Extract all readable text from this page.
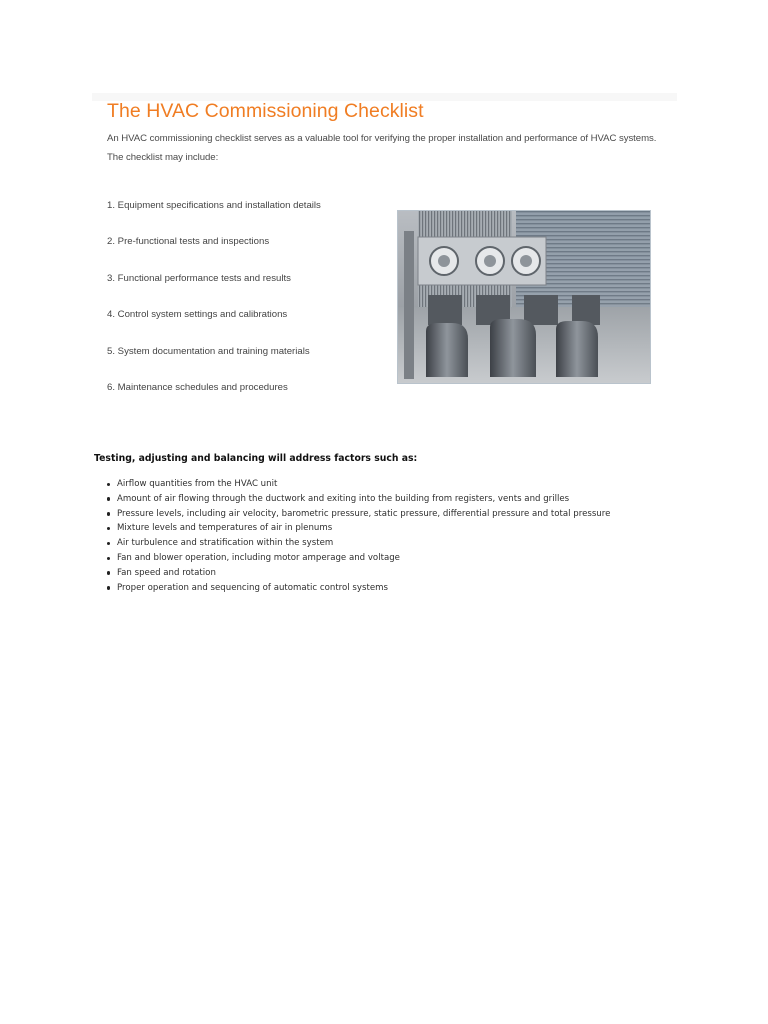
The HVAC Commissioning Checklist
An HVAC commissioning checklist serves as a valuable tool for verifying the proper installation and performance of HVAC systems.
The checklist may include:
1. Equipment specifications and installation details
2. Pre-functional tests and inspections
3. Functional performance tests and results
4. Control system settings and calibrations
5. System documentation and training materials
6. Maintenance schedules and procedures
Testing, adjusting and balancing will address factors such as:
Airflow quantities from the HVAC unit
Amount of air flowing through the ductwork and exiting into the building from registers, vents and grilles
Pressure levels, including air velocity, barometric pressure, static pressure, differential pressure and total pressure
Mixture levels and temperatures of air in plenums
Air turbulence and stratification within the system
Fan and blower operation, including motor amperage and voltage
Fan speed and rotation
Proper operation and sequencing of automatic control systems
